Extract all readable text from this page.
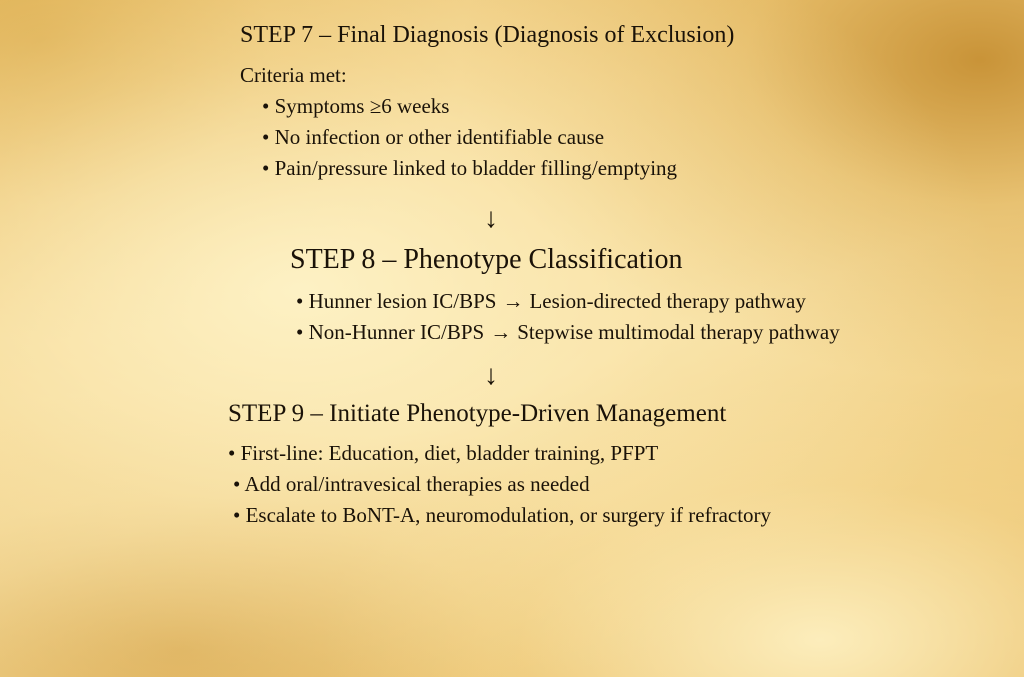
STEP 7 – Final Diagnosis (Diagnosis of Exclusion)
Criteria met:
• Symptoms ≥6 weeks
• No infection or other identifiable cause
• Pain/pressure linked to bladder filling/emptying
↓
STEP 8 – Phenotype Classification
• Hunner lesion IC/BPS → Lesion-directed therapy pathway
• Non-Hunner IC/BPS → Stepwise multimodal therapy pathway
↓
STEP 9 – Initiate Phenotype-Driven Management
• First-line: Education, diet, bladder training, PFPT
• Add oral/intravesical therapies as needed
• Escalate to BoNT-A, neuromodulation, or surgery if refractory
